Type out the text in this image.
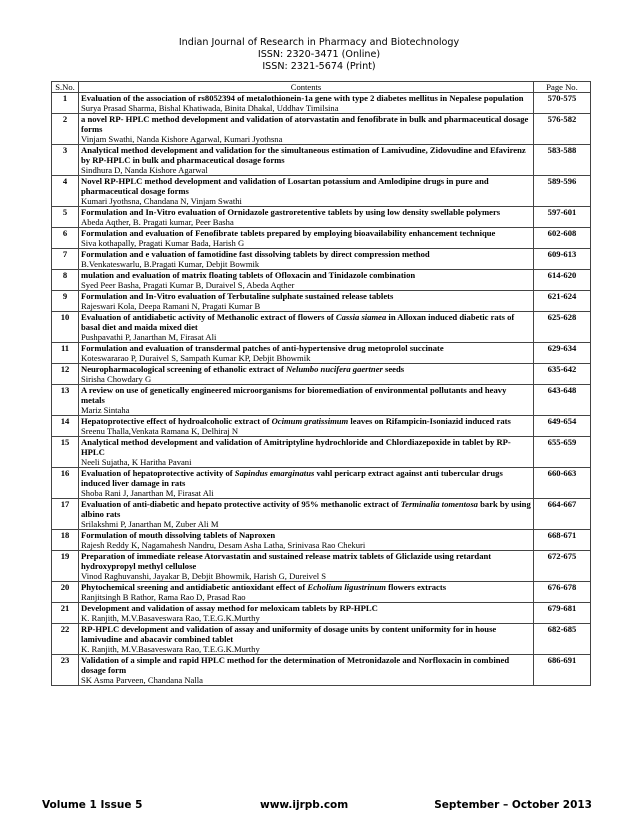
Indian Journal of Research in Pharmacy and Biotechnology
ISSN: 2320-3471 (Online)
ISSN: 2321-5674 (Print)
S.No.	Contents	Page No.
1	Evaluation of the association of rs8052394 of metalothionein-1a gene with type 2 diabetes mellitus in Nepalese population
Surya Prasad Sharma, Bishal Khatiwada, Binita Dhakal, Uddhav Timilsina	570-575
2	a novel RP- HPLC method development and validation of atorvastatin and fenofibrate in bulk and pharmaceutical dosage forms
Vinjam Swathi, Nanda Kishore Agarwal, Kumari Jyothsna	576-582
3	Analytical method development and validation for the simultaneous estimation of Lamivudine, Zidovudine and Efavirenz by RP-HPLC in bulk and pharmaceutical dosage forms
Sindhura D, Nanda Kishore Agarwal	583-588
4	Novel RP-HPLC method development and validation of Losartan potassium and Amlodipine drugs in pure and pharmaceutical dosage forms
Kumari Jyothsna, Chandana N, Vinjam Swathi	589-596
5	Formulation and In-Vitro evaluation of Ornidazole gastroretentive tablets by using low density swellable polymers
Abeda Aqther, B. Pragati kumar, Peer Basha	597-601
6	Formulation and evaluation of Fenofibrate tablets prepared by employing bioavailability enhancement technique
Siva kothapally, Pragati Kumar Bada, Harish G	602-608
7	Formulation and e valuation of famotidine fast dissolving tablets by direct compression method
B.Venkateswarlu, B.Pragati Kumar, Debjit Bowmik	609-613
8	mulation and evaluation of matrix floating tablets of Ofloxacin and Tinidazole combination
Syed Peer Basha, Pragati Kumar B, Duraivel S, Abeda Aqther	614-620
9	Formulation and In-Vitro evaluation of Terbutaline sulphate sustained release tablets
Rajeswari Kola, Deepa Ramani N, Pragati Kumar B	621-624
10	Evaluation of antidiabetic activity of Methanolic extract of flowers of Cassia siamea in Alloxan induced diabetic rats of basal diet and maida mixed diet
Pushpavathi P, Janarthan M, Firasat Ali	625-628
11	Formulation and evaluation of transdermal patches of anti-hypertensive drug metoprolol succinate
Koteswararao P, Duraivel S, Sampath Kumar KP, Debjit Bhowmik	629-634
12	Neuropharmacological screening of ethanolic extract of Nelumbo nucifera gaertner seeds
Sirisha Chowdary G	635-642
13	A review on use of genetically engineered microorganisms for bioremediation of environmental pollutants and heavy metals
Mariz Sintaha	643-648
14	Hepatoprotective effect of hydroalcoholic extract of Ocimum gratissimum leaves on Rifampicin-Isoniazid induced rats
Sreenu Thalla,Venkata Ramana K, Delhiraj N	649-654
15	Analytical method development and validation of Amitriptyline hydrochloride and Chlordiazepoxide in tablet by RP-HPLC
Neeli Sujatha, K Haritha Pavani	655-659
16	Evaluation of hepatoprotective activity of Sapindus emarginatus vahl pericarp extract against anti tubercular drugs induced liver damage in rats
Shoba Rani J, Janarthan M, Firasat Ali	660-663
17	Evaluation of anti-diabetic and hepato protective activity of 95% methanolic extract of Terminalia tomentosa bark by using albino rats
Srilakshmi P, Janarthan M, Zuber Ali M	664-667
18	Formulation of mouth dissolving tablets of Naproxen
Rajesh Reddy K, Nagamahesh Nandru, Desam Asha Latha, Srinivasa Rao Chekuri	668-671
19	Preparation of immediate release Atorvastatin and sustained release matrix tablets of Gliclazide using retardant hydroxypropyl methyl cellulose
Vinod Raghuvanshi, Jayakar B, Debjit Bhowmik, Harish G, Dureivel S	672-675
20	Phytochemical sreening and antidiabetic antioxidant effect of Echolium ligustrinum flowers extracts
Ranjitsingh B Rathor, Rama Rao D, Prasad Rao	676-678
21	Development and validation of assay method for meloxicam tablets by RP-HPLC
K. Ranjith, M.V.Basaveswara Rao, T.E.G.K.Murthy	679-681
22	RP-HPLC development and validation of assay and uniformity of dosage units by content uniformity for in house lamivudine and abacavir combined tablet
K. Ranjith, M.V.Basaveswara Rao, T.E.G.K.Murthy	682-685
23	Validation of a simple and rapid HPLC method for the determination of Metronidazole and Norfloxacin in combined dosage form
SK Asma Parveen, Chandana Nalla	686-691
Volume 1 Issue 5	www.ijrpb.com	September – October 2013
